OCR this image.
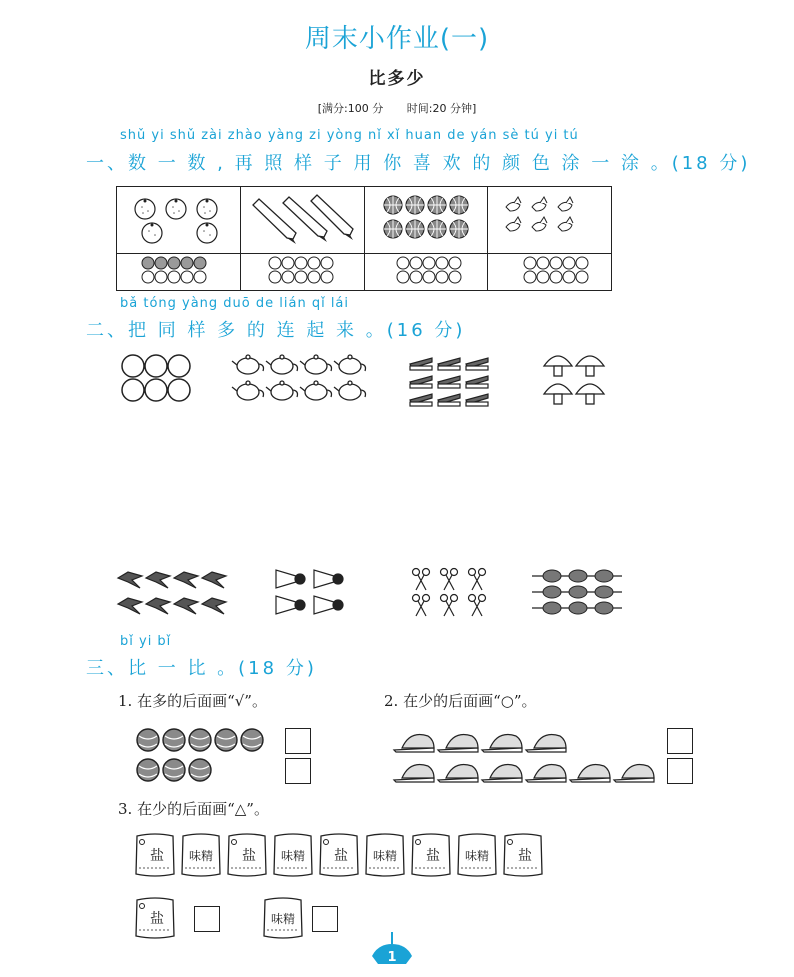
周末小作业(一)
比多少
[满分:100 分 时间:20 分钟]
shǔ yi shǔ zài zhào yàng zi yòng nǐ xǐ huan de yán sè tú yi tú
一、数 一 数 , 再 照 样 子 用 你 喜 欢 的 颜 色 涂 一 涂 。(18 分)

bǎ tóng yàng duō de lián qǐ lái
二、把 同 样 多 的 连 起 来 。(16 分)
bǐ yi bǐ
三、比 一 比 。(18 分)
1. 在多的后面画“√”。	2. 在少的后面画“○”。
3. 在少的后面画“△”。
盐 味精 盐 味精 盐 味精 盐 味精 盐
盐	味精
1
